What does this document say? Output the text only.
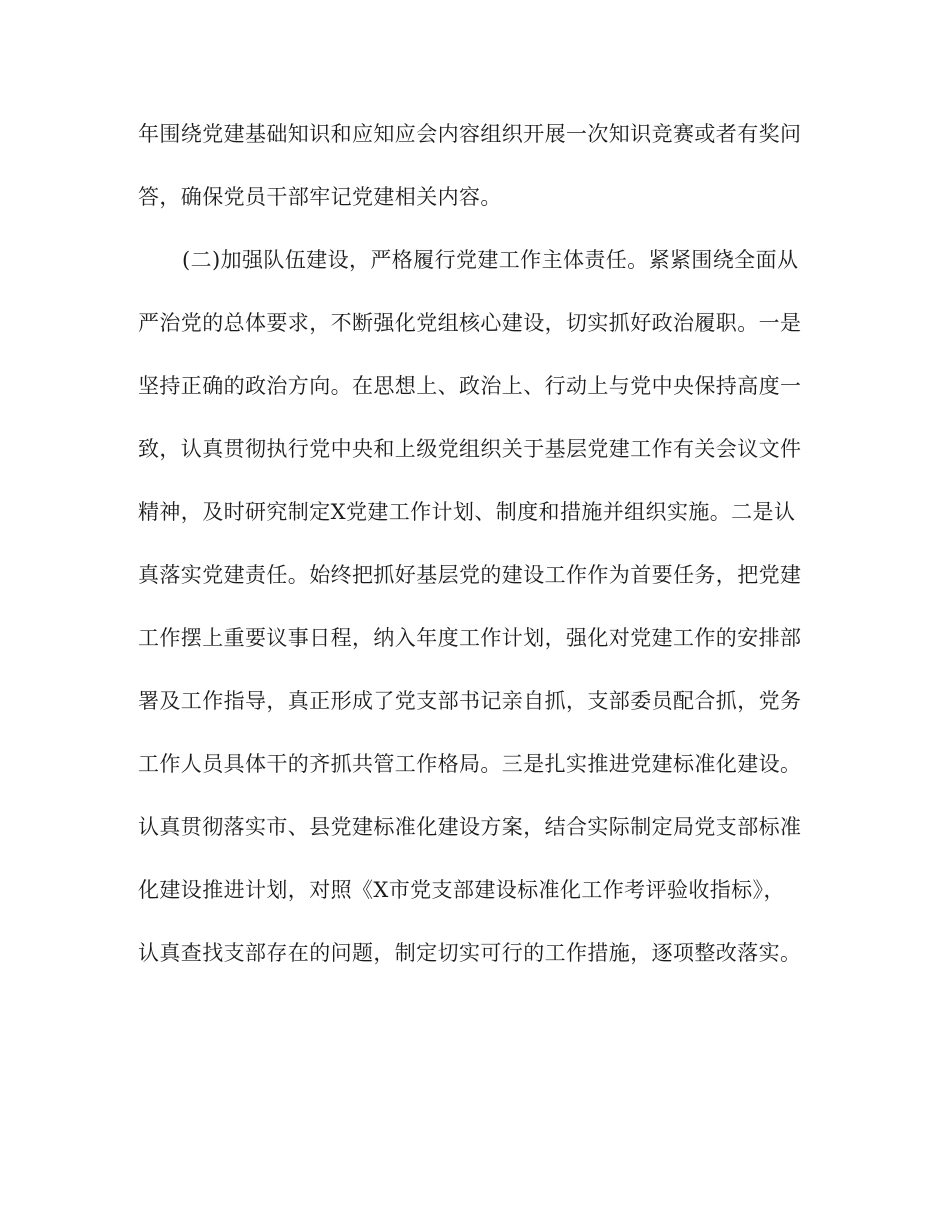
年围绕党建基础知识和应知应会内容组织开展一次知识竞赛或者有奖问
答，确保党员干部牢记党建相关内容。
(二)加强队伍建设，严格履行党建工作主体责任。紧紧围绕全面从
严治党的总体要求，不断强化党组核心建设，切实抓好政治履职。一是
坚持正确的政治方向。在思想上、政治上、行动上与党中央保持高度一
致，认真贯彻执行党中央和上级党组织关于基层党建工作有关会议文件
精神，及时研究制定X党建工作计划、制度和措施并组织实施。二是认
真落实党建责任。始终把抓好基层党的建设工作作为首要任务，把党建
工作摆上重要议事日程，纳入年度工作计划，强化对党建工作的安排部
署及工作指导，真正形成了党支部书记亲自抓，支部委员配合抓，党务
工作人员具体干的齐抓共管工作格局。三是扎实推进党建标准化建设。
认真贯彻落实市、县党建标准化建设方案，结合实际制定局党支部标准
化建设推进计划，对照《X市党支部建设标准化工作考评验收指标》，
认真查找支部存在的问题，制定切实可行的工作措施，逐项整改落实。
